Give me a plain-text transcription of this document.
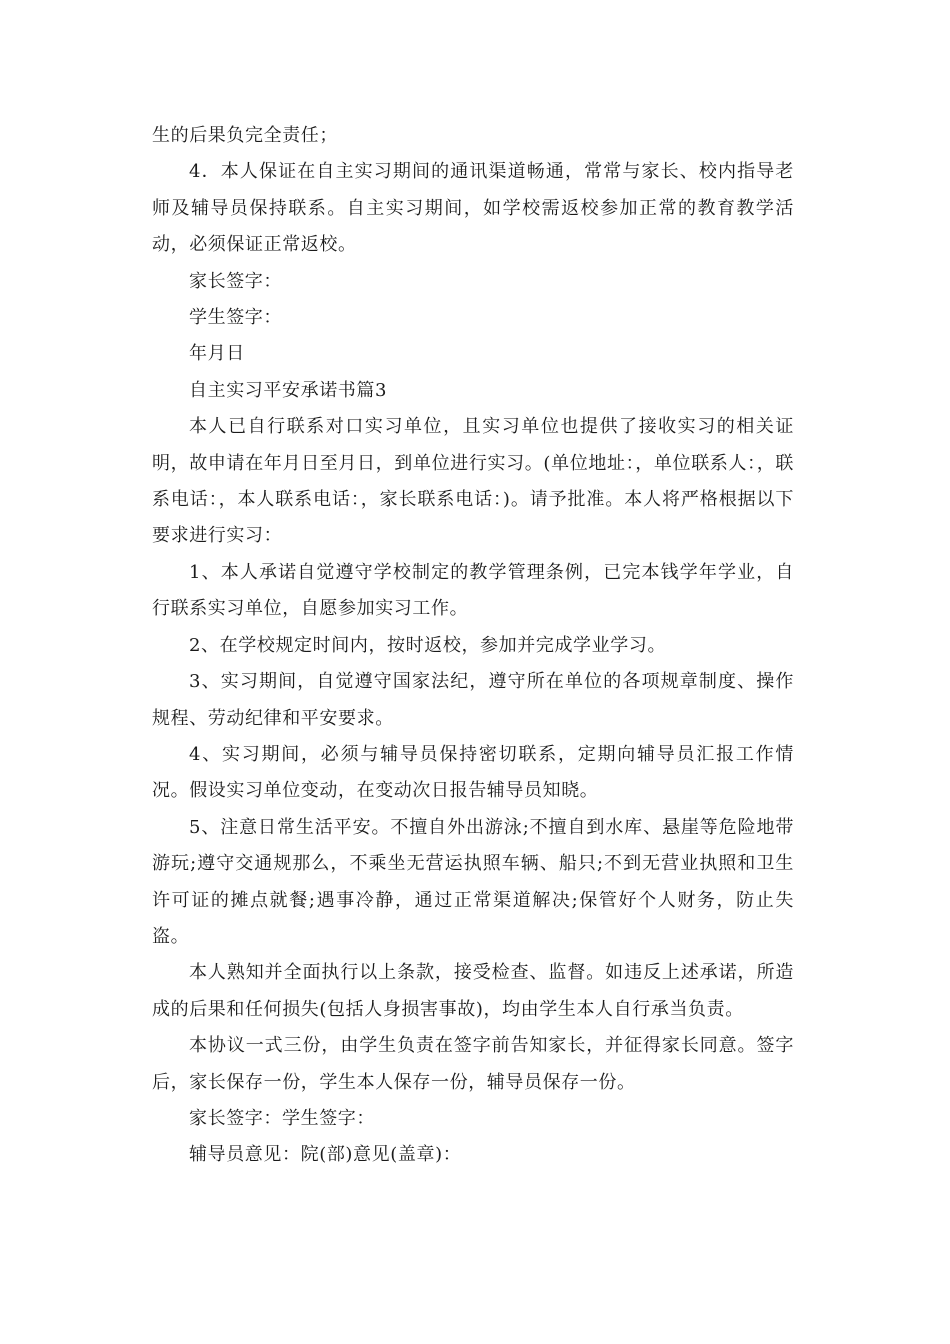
生的后果负完全责任；

4．本人保证在自主实习期间的通讯渠道畅通，常常与家长、校内指导老师及辅导员保持联系。自主实习期间，如学校需返校参加正常的教育教学活动，必须保证正常返校。

家长签字：

学生签字：

年月日

自主实习平安承诺书篇3

本人已自行联系对口实习单位，且实习单位也提供了接收实习的相关证明，故申请在年月日至月日，到单位进行实习。(单位地址：，单位联系人：，联系电话：，本人联系电话：，家长联系电话：)。请予批准。本人将严格根据以下要求进行实习：

1、本人承诺自觉遵守学校制定的教学管理条例，已完本钱学年学业，自行联系实习单位，自愿参加实习工作。

2、在学校规定时间内，按时返校，参加并完成学业学习。

3、实习期间，自觉遵守国家法纪，遵守所在单位的各项规章制度、操作规程、劳动纪律和平安要求。

4、实习期间，必须与辅导员保持密切联系，定期向辅导员汇报工作情况。假设实习单位变动，在变动次日报告辅导员知晓。

5、注意日常生活平安。不擅自外出游泳;不擅自到水库、悬崖等危险地带游玩;遵守交通规那么，不乘坐无营运执照车辆、船只;不到无营业执照和卫生许可证的摊点就餐;遇事冷静，通过正常渠道解决;保管好个人财务，防止失盗。

本人熟知并全面执行以上条款，接受检查、监督。如违反上述承诺，所造成的后果和任何损失(包括人身损害事故)，均由学生本人自行承当负责。

本协议一式三份，由学生负责在签字前告知家长，并征得家长同意。签字后，家长保存一份，学生本人保存一份，辅导员保存一份。

家长签字：学生签字：

辅导员意见：院(部)意见(盖章)：
